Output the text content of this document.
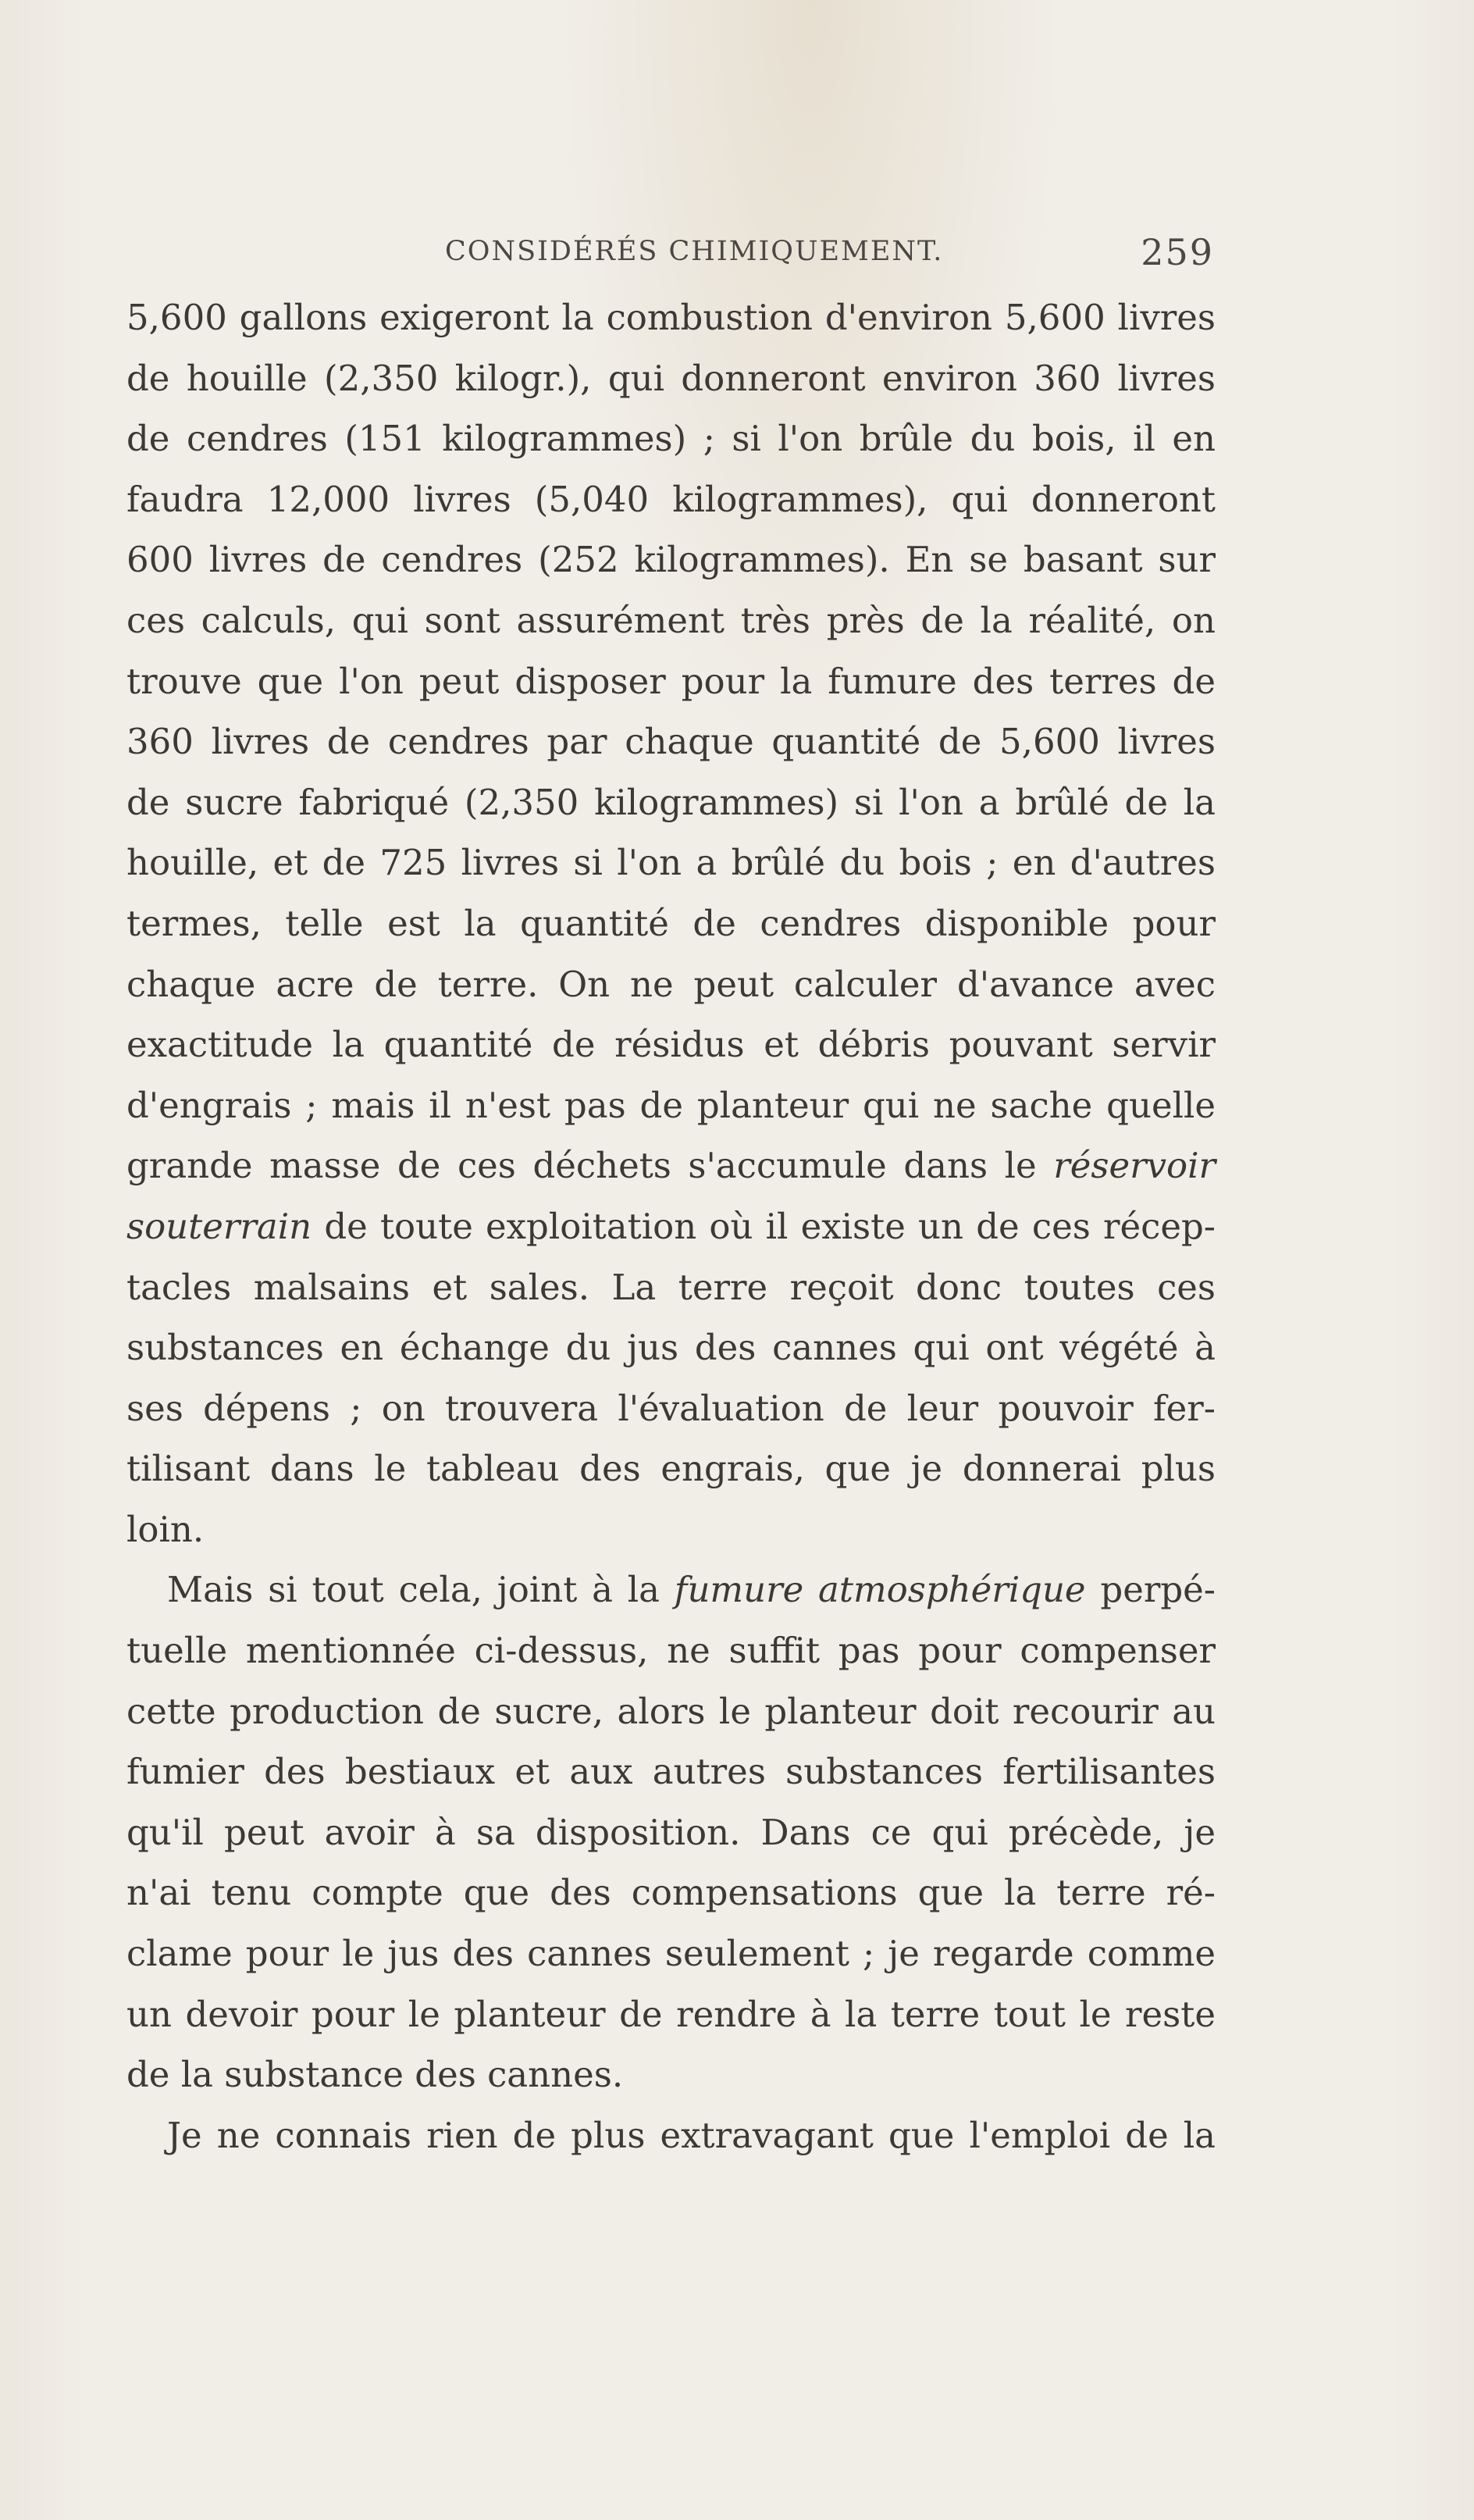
CONSIDÉRÉS CHIMIQUEMENT.	259
5,600 gallons exigeront la combustion d'environ 5,600 livres
de houille (2,350 kilogr.), qui donneront environ 360 livres
de cendres (151 kilogrammes) ; si l'on brûle du bois, il en
faudra 12,000 livres (5,040 kilogrammes), qui donneront
600 livres de cendres (252 kilogrammes). En se basant sur
ces calculs, qui sont assurément très près de la réalité, on
trouve que l'on peut disposer pour la fumure des terres de
360 livres de cendres par chaque quantité de 5,600 livres
de sucre fabriqué (2,350 kilogrammes) si l'on a brûlé de la
houille, et de 725 livres si l'on a brûlé du bois ; en d'autres
termes, telle est la quantité de cendres disponible pour
chaque acre de terre. On ne peut calculer d'avance avec
exactitude la quantité de résidus et débris pouvant servir
d'engrais ; mais il n'est pas de planteur qui ne sache quelle
grande masse de ces déchets s'accumule dans le réservoir
souterrain de toute exploitation où il existe un de ces récep-
tacles malsains et sales. La terre reçoit donc toutes ces
substances en échange du jus des cannes qui ont végété à
ses dépens ; on trouvera l'évaluation de leur pouvoir fer-
tilisant dans le tableau des engrais, que je donnerai plus
loin.
Mais si tout cela, joint à la fumure atmosphérique perpé-
tuelle mentionnée ci-dessus, ne suffit pas pour compenser
cette production de sucre, alors le planteur doit recourir au
fumier des bestiaux et aux autres substances fertilisantes
qu'il peut avoir à sa disposition. Dans ce qui précède, je
n'ai tenu compte que des compensations que la terre ré-
clame pour le jus des cannes seulement ; je regarde comme
un devoir pour le planteur de rendre à la terre tout le reste
de la substance des cannes.
Je ne connais rien de plus extravagant que l'emploi de la
